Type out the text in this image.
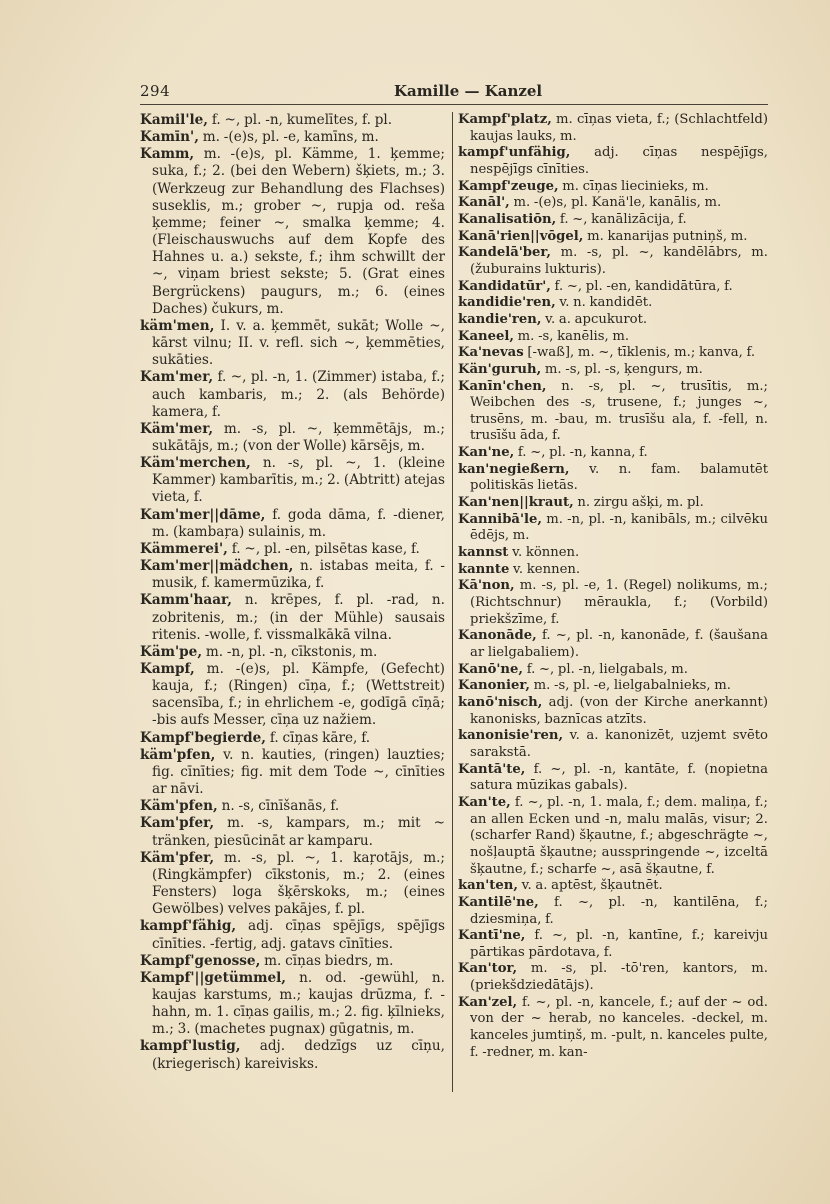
294	Kamille — Kanzel

Kamil'le, f. ~, pl. -n, kumelītes, f. pl.

Kamīn', m. -(e)s, pl. -e, kamīns, m.

Kamm, m. -(e)s, pl. Kämme, 1. ķemme; suka, f.; 2. (bei den Webern) šķiets, m.; 3. (Werkzeug zur Behandlung des Flachses) suseklis, m.; grober ~, rupja od. reša ķemme; feiner ~, smalka ķemme; 4. (Fleischauswuchs auf dem Kopfe des Hahnes u. a.) sekste, f.; ihm schwillt der ~, viņam briest sekste; 5. (Grat eines Bergrückens) pauguгs, m.; 6. (eines Daches) čukurs, m.

käm'men, I. v. a. ķemmēt, sukāt; Wolle ~, kārst vilnu; II. v. refl. sich ~, ķemmēties, sukāties.

Kam'mer, f. ~, pl. -n, 1. (Zimmer) istaba, f.; auch kambaris, m.; 2. (als Behörde) kamera, f.

Käm'mer, m. -s, pl. ~, ķemmētājs, m.; sukātājs, m.; (von der Wolle) kārsējs, m.

Käm'merchen, n. -s, pl. ~, 1. (kleine Kammer) kambarītis, m.; 2. (Abtritt) atejas vieta, f.

Kam'mer||dāme, f. goda dāma, f. -diener, m. (kambaŗa) sulainis, m.

Kämmerei', f. ~, pl. -en, pilsētas kase, f.

Kam'mer||mädchen, n. istabas meita, f. -musik, f. kamermūzika, f.

Kamm'haar, n. krēpes, f. pl. -rad, n. zobritenis, m.; (in der Mühle) sausais ritenis. -wolle, f. vissmalkākā vilna.

Käm'pe, m. -n, pl. -n, cīkstonis, m.

Kampf, m. -(e)s, pl. Kämpfe, (Gefecht) kauja, f.; (Ringen) cīņa, f.; (Wettstreit) sacensība, f.; in ehrlichem -e, godīgā cīņā; -bis aufs Messer, cīņa uz nažiem.

Kampf'begierde, f. cīņas kāre, f.

käm'pfen, v. n. kauties, (ringen) lauzties; fig. cīnīties; fig. mit dem Tode ~, cīnīties ar nāvi.

Käm'pfen, n. -s, cīnīšanās, f.

Kam'pfer, m. -s, kampars, m.; mit ~ tränken, piesūcināt ar kamparu.

Käm'pfer, m. -s, pl. ~, 1. kaŗotājs, m.; (Ringkämpfer) cīkstonis, m.; 2. (eines Fensters) loga šķērskoks, m.; (eines Gewölbes) velves pakājes, f. pl.

kampf'fähig, adj. cīņas spējīgs, spējīgs cīnīties. -fertig, adj. gatavs cīnīties.

Kampf'genosse, m. cīņas biedrs, m.

Kampf'||getümmel, n. od. -gewühl, n. kaujas karstums, m.; kaujas drūzma, f. -hahn, m. 1. cīņas gailis, m.; 2. fig. ķīlnieks, m.; 3. (machetes pugnax) gūgatnis, m.

kampf'lustig, adj. dedzīgs uz cīņu, (kriegerisch) kareivisks.

Kampf'platz, m. cīņas vieta, f.; (Schlachtfeld) kaujas lauks, m.

kampf'unfähig, adj. cīņas nespējīgs, nespējīgs cīnīties.

Kampf'zeuge, m. cīņas liecinieks, m.

Kanāl', m. -(e)s, pl. Kanä'le, kanālis, m.

Kanalisatiōn, f. ~, kanālizācija, f.

Kanā'rien||vōgel, m. kanarijas putniņš, m.

Kandelā'ber, m. -s, pl. ~, kandēlābrs, m. (žuburains lukturis).

Kandidatūr', f. ~, pl. -en, kandidātūra, f.

kandidie'ren, v. n. kandidēt.

kandie'ren, v. a. apcukurot.

Kaneel, m. -s, kanēlis, m.

Ka'nevas [-waß], m. ~, tīklenis, m.; kanva, f.

Kän'guruh, m. -s, pl. -s, ķengurs, m.

Kanīn'chen, n. -s, pl. ~, trusītis, m.; Weibchen des -s, trusene, f.; junges ~, trusēns, m. -bau, m. trusīšu ala, f. -fell, n. trusīšu āda, f.

Kan'ne, f. ~, pl. -n, kanna, f.

kan'negießern, v. n. fam. balamutēt politiskās lietās.

Kan'nen||kraut, n. zirgu ašķi, m. pl.

Kannibā'le, m. -n, pl. -n, kanibāls, m.; cilvēku ēdējs, m.

kannst v. können.

kannte v. kennen.

Kā'non, m. -s, pl. -e, 1. (Regel) nolikums, m.; (Richtschnur) mēraukla, f.; (Vorbild) priekšzīme, f.

Kanonāde, f. ~, pl. -n, kanonāde, f. (šaušana ar lielgabaliem).

Kanō'ne, f. ~, pl. -n, lielgabals, m.

Kanonier, m. -s, pl. -e, lielgabalnieks, m.

kanō'nisch, adj. (von der Kirche anerkannt) kanonisks, baznīcas atzīts.

kanonisie'ren, v. a. kanonizēt, uzjemt svēto sarakstā.

Kantā'te, f. ~, pl. -n, kantāte, f. (nopietna satura mūzikas gabals).

Kan'te, f. ~, pl. -n, 1. mala, f.; dem. maliņa, f.; an allen Ecken und -n, malu malās, visur; 2. (scharfer Rand) šķautne, f.; abgeschrägte ~, nošļauptā šķautne; ausspringende ~, izceltā šķautne, f.; scharfe ~, asā šķautne, f.

kan'ten, v. a. aptēst, šķautnēt.

Kantilē'ne, f. ~, pl. -n, kantilēna, f.; dziesmiņa, f.

Kantī'ne, f. ~, pl. -n, kantīne, f.; kareivju pārtikas pārdotava, f.

Kan'tor, m. -s, pl. -tō'ren, kantors, m. (priekšdziedātājs).

Kan'zel, f. ~, pl. -n, kancele, f.; auf der ~ od. von der ~ herab, no kanceles. -deckel, m. kanceles jumtiņš, m. -pult, n. kanceles pulte, f. -redner, m. kan-
